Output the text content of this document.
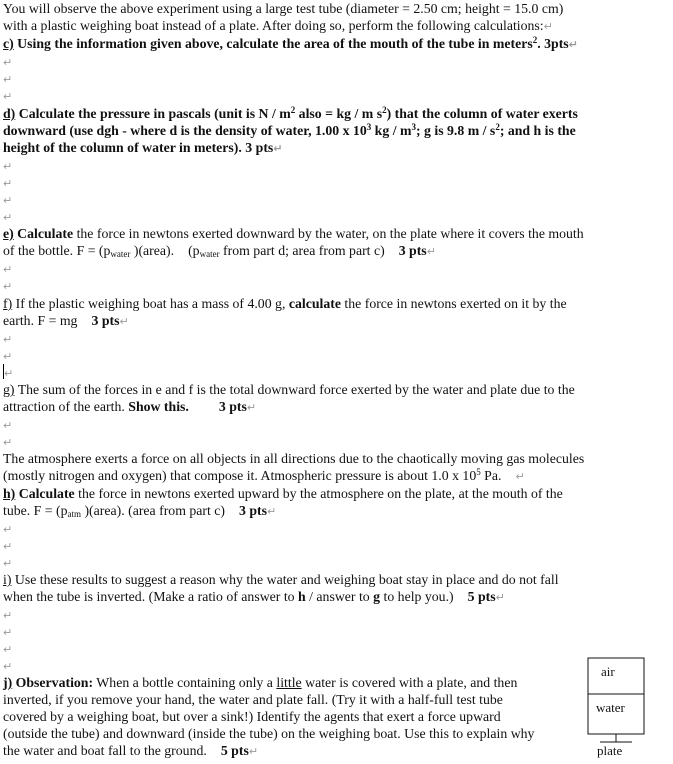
You will observe the above experiment using a large test tube (diameter = 2.50 cm; height = 15.0 cm)

with a plastic weighing boat instead of a plate. After doing so, perform the following calculations:↵

c) Using the information given above, calculate the area of the mouth of the tube in meters$^2$. 3pts↵

↵

↵

↵

d) Calculate the pressure in pascals (unit is N / $m^2$ also = kg / m $s^2$) that the column of water exerts

downward (use dgh - where d is the density of water, 1.00 x $10^3$ kg / $m^3$; g is 9.8 m / $s^2$; and h is the

height of the column of water in meters). 3 pts↵

↵

↵

↵

↵

e) Calculate the force in newtons exerted downward by the water, on the plate where it covers the mouth

of the bottle. $F = (p_{water}$ )(area). ($p_{water}$ from part d; area from part c) 3 pts↵

↵

↵

f) If the plastic weighing boat has a mass of 4.00 g, calculate the force in newtons exerted on it by the

earth. F = mg 3 pts↵

↵

↵

↵

g) The sum of the forces in e and f is the total downward force exerted by the water and plate due to the

attraction of the earth. Show this. 3 pts↵

↵

↵

The atmosphere exerts a force on all objects in all directions due to the chaotically moving gas molecules

(mostly nitrogen and oxygen) that compose it. Atmospheric pressure is about 1.0 x $10^5$ Pa. ↵

h) Calculate the force in newtons exerted upward by the atmosphere on the plate, at the mouth of the

tube. $F = (p_{atm}$ )(area). (area from part c) 3 pts↵

↵

↵

↵

i) Use these results to suggest a reason why the water and weighing boat stay in place and do not fall

when the tube is inverted. (Make a ratio of answer to h / answer to g to help you.) 5 pts↵

↵

↵

↵

↵

j) Observation: When a bottle containing only a little water is covered with a plate, and then

inverted, if you remove your hand, the water and plate fall. (Try it with a half-full test tube

covered by a weighing boat, but over a sink!) Identify the agents that exert a force upward

(outside the tube) and downward (inside the tube) on the weighing boat. Use this to explain why

the water and boat fall to the ground. 5 pts↵

air
water
plate
